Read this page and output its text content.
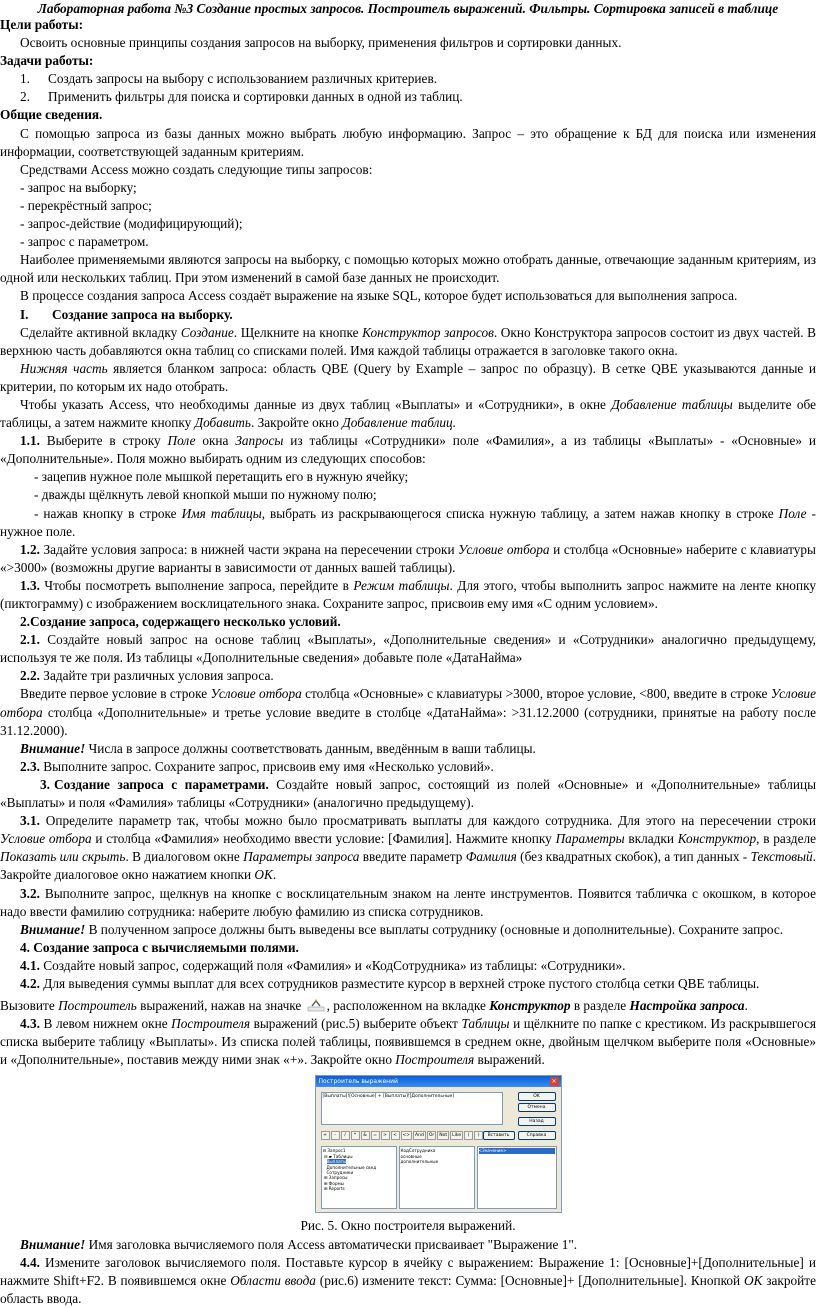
Лабораторная работа №3 Создание простых запросов. Построитель выражений. Фильтры. Сортировка записей в таблице
Цели работы:
Освоить основные принципы создания запросов на выборку, применения фильтров и сортировки данных.
Задачи работы:
1. Создать запросы на выбору с использованием различных критериев.
2. Применить фильтры для поиска и сортировки данных в одной из таблиц.
Общие сведения.
С помощью запроса из базы данных можно выбрать любую информацию. Запрос – это обращение к БД для поиска или изменения информации, соответствующей заданным критериям.
Средствами Access можно создать следующие типы запросов:
- запрос на выборку;
- перекрёстный запрос;
- запрос-действие (модифицирующий);
- запрос с параметром.
Наиболее применяемыми являются запросы на выборку, с помощью которых можно отобрать данные, отвечающие заданным критериям, из одной или нескольких таблиц. При этом изменений в самой базе данных не происходит.
В процессе создания запроса Access создаёт выражение на языке SQL, которое будет использоваться для выполнения запроса.
I. Создание запроса на выборку.
Сделайте активной вкладку Создание. Щелкните на кнопке Конструктор запросов. Окно Конструктора запросов состоит из двух частей. В верхнюю часть добавляются окна таблиц со списками полей. Имя каждой таблицы отражается в заголовке такого окна.
Нижняя часть является бланком запроса: область QBE (Query by Example – запрос по образцу). В сетке QBE указываются данные и критерии, по которым их надо отобрать.
Чтобы указать Access, что необходимы данные из двух таблиц «Выплаты» и «Сотрудники», в окне Добавление таблицы выделите обе таблицы, а затем нажмите кнопку Добавить. Закройте окно Добавление таблиц.
1.1. Выберите в строку Поле окна Запросы из таблицы «Сотрудники» поле «Фамилия», а из таблицы «Выплаты» - «Основные» и «Дополнительные». Поля можно выбирать одним из следующих способов:
- зацепив нужное поле мышкой перетащить его в нужную ячейку;
- дважды щёлкнуть левой кнопкой мыши по нужному полю;
- нажав кнопку в строке Имя таблицы, выбрать из раскрывающегося списка нужную таблицу, а затем нажав кнопку в строке Поле - нужное поле.
1.2. Задайте условия запроса: в нижней части экрана на пересечении строки Условие отбора и столбца «Основные» наберите с клавиатуры «>3000» (возможны другие варианты в зависимости от данных вашей таблицы).
1.3. Чтобы посмотреть выполнение запроса, перейдите в Режим таблицы. Для этого, чтобы выполнить запрос нажмите на ленте кнопку (пиктограмму) с изображением восклицательного знака. Сохраните запрос, присвоив ему имя «С одним условием».
2.Создание запроса, содержащего несколько условий.
2.1. Создайте новый запрос на основе таблиц «Выплаты», «Дополнительные сведения» и «Сотрудники» аналогично предыдущему, используя те же поля. Из таблицы «Дополнительные сведения» добавьте поле «ДатаНайма»
2.2. Задайте три различных условия запроса.
Введите первое условие в строке Условие отбора столбца «Основные» с клавиатуры >3000, второе условие, <800, введите в строке Условие отбора столбца «Дополнительные» и третье условие введите в столбце «ДатаНайма»: >31.12.2000 (сотрудники, принятые на работу после 31.12.2000).
Внимание! Числа в запросе должны соответствовать данным, введённым в ваши таблицы.
2.3. Выполните запрос. Сохраните запрос, присвоив ему имя «Несколько условий».
3. Создание запроса с параметрами. Создайте новый запрос, состоящий из полей «Основные» и «Дополнительные» таблицы «Выплаты» и поля «Фамилия» таблицы «Сотрудники» (аналогично предыдущему).
3.1. Определите параметр так, чтобы можно было просматривать выплаты для каждого сотрудника. Для этого на пересечении строки Условие отбора и столбца «Фамилия» необходимо ввести условие: [Фамилия]. Нажмите кнопку Параметры вкладки Конструктор, в разделе Показать или скрыть. В диалоговом окне Параметры запроса введите параметр Фамилия (без квадратных скобок), а тип данных - Текстовый. Закройте диалоговое окно нажатием кнопки ОК.
3.2. Выполните запрос, щелкнув на кнопке с восклицательным знаком на ленте инструментов. Появится табличка с окошком, в которое надо ввести фамилию сотрудника: наберите любую фамилию из списка сотрудников.
Внимание! В полученном запросе должны быть выведены все выплаты сотруднику (основные и дополнительные). Сохраните запрос.
4. Создание запроса с вычисляемыми полями.
4.1. Создайте новый запрос, содержащий поля «Фамилия» и «КодСотрудника» из таблицы: «Сотрудники».
4.2. Для выведения суммы выплат для всех сотрудников разместите курсор в верхней строке пустого столбца сетки QBE таблицы.
Вызовите Построитель выражений, нажав на значке , расположенном на вкладке Конструктор в разделе Настройка запроса.
4.3. В левом нижнем окне Построителя выражений (рис.5) выберите объект Таблицы и щёлкните по папке с крестиком. Из раскрывшегося списка выберите таблицу «Выплаты». Из списка полей таблицы, появившемся в среднем окне, двойным щелчком выберите поля «Основные» и «Дополнительные», поставив между ними знак «+». Закройте окно Построителя выражений.
Построитель выражений	✕
[Выплаты]![Основные] + [Выплаты]![Дополнительные]	OK
Отмена
Назад
Справка
Вставить
+	-	/	*	&	=	>	<	<>	And	Or	Not	Like	(	)
⊟ Запрос1
⊟ ▰ Таблицы
Выплаты
Дополнительные свед
Сотрудники
⊞ Запросы
⊞ Формы
⊞ Reports
КодСотрудника
основные
дополнительные
<Значение>
Рис. 5. Окно построителя выражений.
Внимание! Имя заголовка вычисляемого поля Access автоматически присваивает "Выражение 1".
4.4. Измените заголовок вычисляемого поля. Поставьте курсор в ячейку с выражением: Выражение 1: [Основные]+[Дополнительные] и нажмите Shift+F2. В появившемся окне Области ввода (рис.6) измените текст: Сумма: [Основные]+ [Дополнительные]. Кнопкой ОК закройте область ввода.
